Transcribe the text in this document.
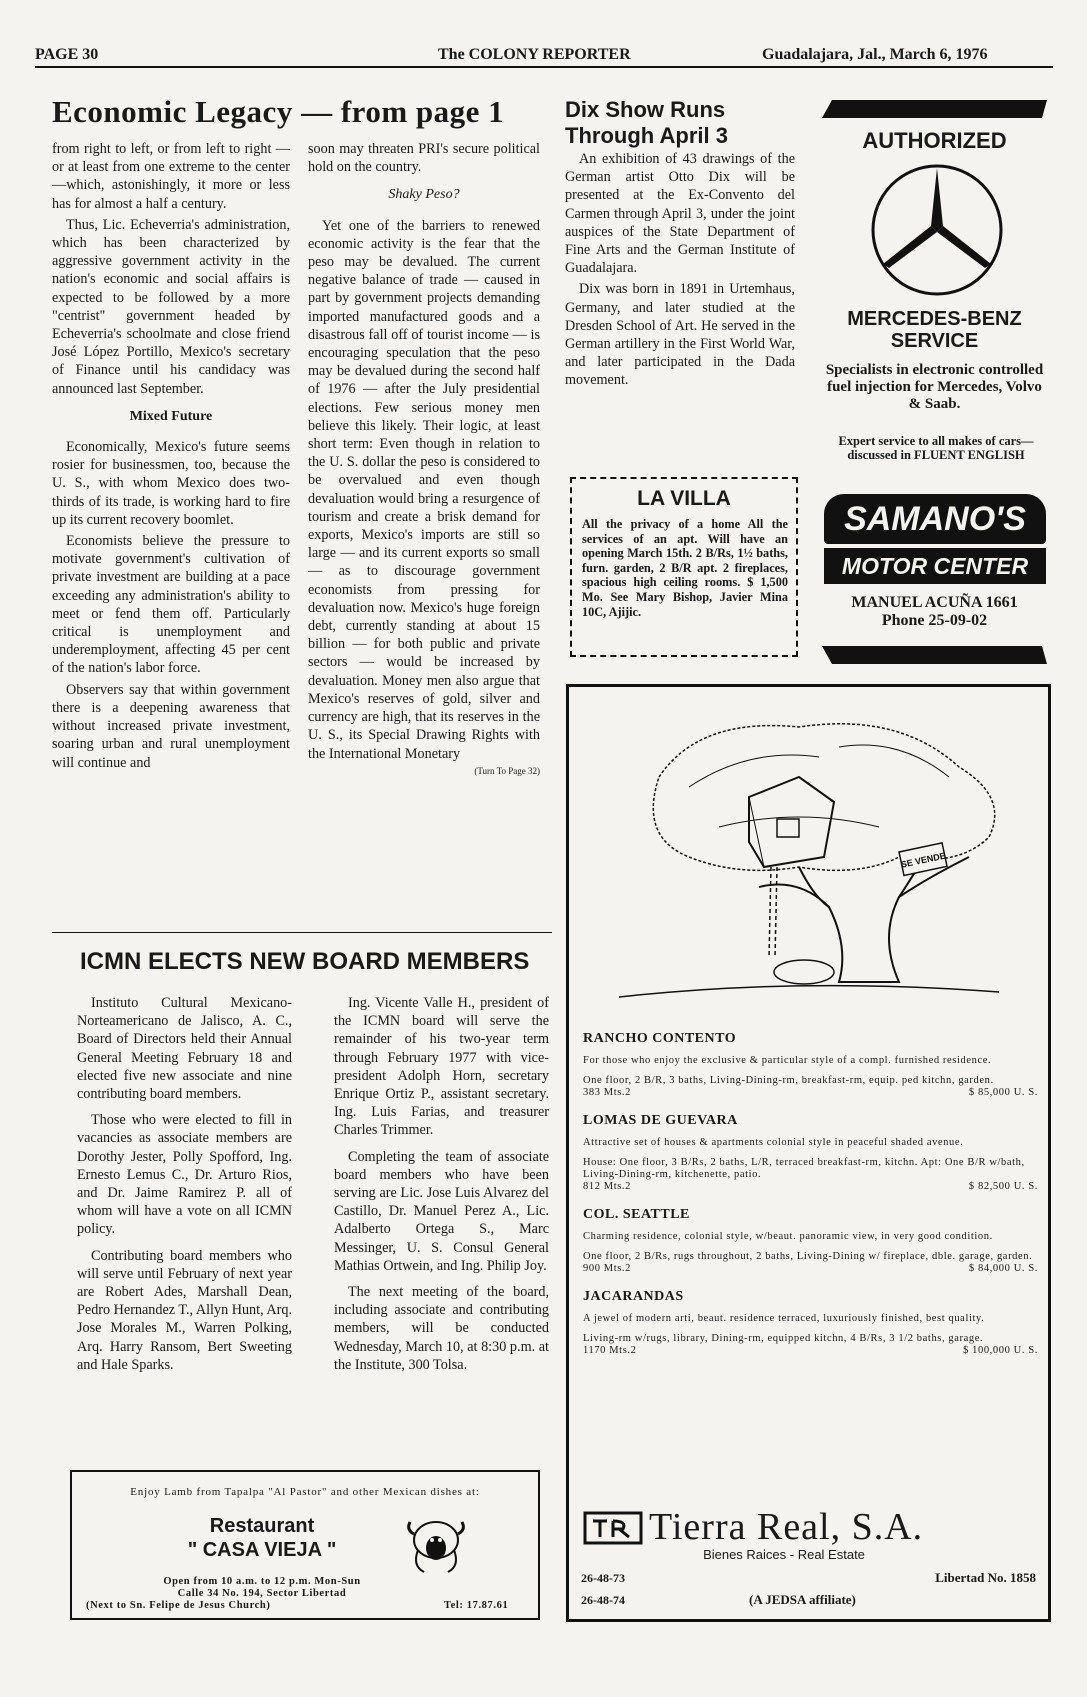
PAGE 30	The COLONY REPORTER	Guadalajara, Jal., March 6, 1976
Economic Legacy — from page 1

from right to left, or from left to right — or at least from one extreme to the center—which, astonishingly, it more or less has for almost a half a century.

Thus, Lic. Echeverria's administration, which has been characterized by aggressive government activity in the nation's economic and social affairs is expected to be followed by a more "centrist" government headed by Echeverria's schoolmate and close friend José López Portillo, Mexico's secretary of Finance until his candidacy was announced last September.

Mixed Future

Economically, Mexico's future seems rosier for businessmen, too, because the U. S., with whom Mexico does two-thirds of its trade, is working hard to fire up its current recovery boomlet.

Economists believe the pressure to motivate government's cultivation of private investment are building at a pace exceeding any administration's ability to meet or fend them off. Particularly critical is unemployment and underemployment, affecting 45 per cent of the nation's labor force.

Observers say that within government there is a deepening awareness that without increased private investment, soaring urban and rural unemployment will continue and

soon may threaten PRI's secure political hold on the country.

Shaky Peso?

Yet one of the barriers to renewed economic activity is the fear that the peso may be devalued. The current negative balance of trade — caused in part by government projects demanding imported manufactured goods and a disastrous fall off of tourist income — is encouraging speculation that the peso may be devalued during the second half of 1976 — after the July presidential elections. Few serious money men believe this likely. Their logic, at least short term: Even though in relation to the U. S. dollar the peso is considered to be overvalued and even though devaluation would bring a resurgence of tourism and create a brisk demand for exports, Mexico's imports are still so large — and its current exports so small — as to discourage government economists from pressing for devaluation now. Mexico's huge foreign debt, currently standing at about 15 billion — for both public and private sectors — would be increased by devaluation. Money men also argue that Mexico's reserves of gold, silver and currency are high, that its reserves in the U. S., its Special Drawing Rights with the International Monetary

(Turn To Page 32)
Dix Show Runs
Through April 3

An exhibition of 43 drawings of the German artist Otto Dix will be presented at the Ex-Convento del Carmen through April 3, under the joint auspices of the State Department of Fine Arts and the German Institute of Guadalajara.

Dix was born in 1891 in Urtemhaus, Germany, and later studied at the Dresden School of Art. He served in the German artillery in the First World War, and later participated in the Dada movement.

LA VILLA
All the privacy of a home All the services of an apt. Will have an opening March 15th. 2 B/Rs, 1½ baths, furn. garden, 2 B/R apt. 2 fireplaces, spacious high ceiling rooms. $ 1,500 Mo. See Mary Bishop, Javier Mina 10C, Ajijic.
AUTHORIZED
MERCEDES-BENZ
SERVICE
Specialists in electronic controlled fuel injection for Mercedes, Volvo & Saab.
Expert service to all makes of cars—discussed in FLUENT ENGLISH
SAMANO'S
MOTOR CENTER
MANUEL ACUÑA 1661
Phone 25-09-02
ICMN ELECTS NEW BOARD MEMBERS

Instituto Cultural Mexicano-Norteamericano de Jalisco, A. C., Board of Directors held their Annual General Meeting February 18 and elected five new associate and nine contributing board members.

Those who were elected to fill in vacancies as associate members are Dorothy Jester, Polly Spofford, Ing. Ernesto Lemus C., Dr. Arturo Rios, and Dr. Jaime Ramirez P. all of whom will have a vote on all ICMN policy.

Contributing board members who will serve until February of next year are Robert Ades, Marshall Dean, Pedro Hernandez T., Allyn Hunt, Arq. Jose Morales M., Warren Polking, Arq. Harry Ransom, Bert Sweeting and Hale Sparks.

Ing. Vicente Valle H., president of the ICMN board will serve the remainder of his two-year term through February 1977 with vice-president Adolph Horn, secretary Enrique Ortiz P., assistant secretary. Ing. Luis Farias, and treasurer Charles Trimmer.

Completing the team of associate board members who have been serving are Lic. Jose Luis Alvarez del Castillo, Dr. Manuel Perez A., Lic. Adalberto Ortega S., Marc Messinger, U. S. Consul General Mathias Ortwein, and Ing. Philip Joy.

The next meeting of the board, including associate and contributing members, will be conducted Wednesday, March 10, at 8:30 p.m. at the Institute, 300 Tolsa.

Enjoy Lamb from Tapalpa "Al Pastor" and other Mexican dishes at:
Restaurant
" CASA VIEJA "
Open from 10 a.m. to 12 p.m. Mon-Sun
Calle 34 No. 194, Sector Libertad
(Next to Sn. Felipe de Jesus Church)	Tel: 17.87.61
SE VENDE
RANCHO CONTENTO
For those who enjoy the exclusive & particular style of a compl. furnished residence.
One floor, 2 B/R, 3 baths, Living-Dining-rm, breakfast-rm, equip. ped kitchn, garden.
383 Mts.2	$ 85,000 U. S.
LOMAS DE GUEVARA
Attractive set of houses & apartments colonial style in peaceful shaded avenue.
House: One floor, 3 B/Rs, 2 baths, L/R, terraced breakfast-rm, kitchn. Apt: One B/R w/bath, Living-Dining-rm, kitchenette, patio.
812 Mts.2	$ 82,500 U. S.
COL. SEATTLE
Charming residence, colonial style, w/beaut. panoramic view, in very good condition.
One floor, 2 B/Rs, rugs throughout, 2 baths, Living-Dining w/ fireplace, dble. garage, garden.
900 Mts.2	$ 84,000 U. S.
JACARANDAS
A jewel of modern arti, beaut. residence terraced, luxuriously finished, best quality.
Living-rm w/rugs, library, Dining-rm, equipped kitchn, 4 B/Rs, 3 1/2 baths, garage.
1170 Mts.2	$ 100,000 U. S.
Tierra Real, S.A.
Bienes Raices - Real Estate
26-48-73
26-48-74
Libertad No. 1858
(A JEDSA affiliate)
